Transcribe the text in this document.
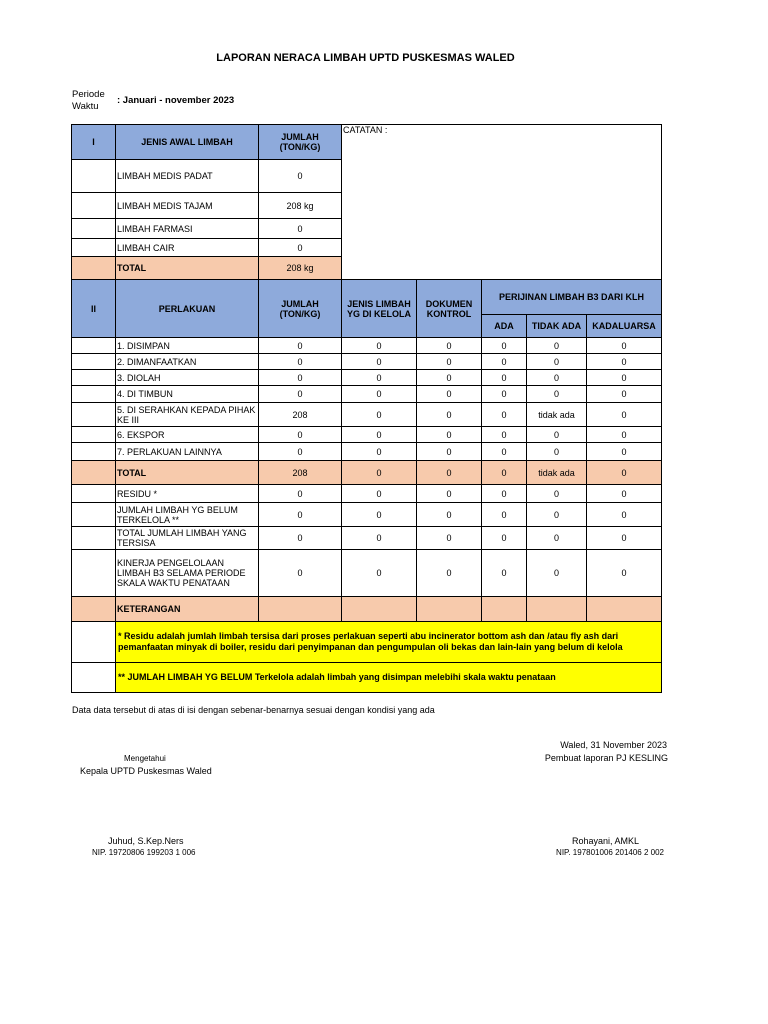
LAPORAN NERACA LIMBAH UPTD PUSKESMAS WALED
Periode Waktu
: Januari - november 2023
I	JENIS AWAL LIMBAH	JUMLAH (TON/KG)	CATATAN :				
	LIMBAH MEDIS PADAT	0					
	LIMBAH MEDIS TAJAM	208 kg					
	LIMBAH FARMASI	0					
	LIMBAH CAIR	0					
	TOTAL	208 kg					
II	PERLAKUAN	JUMLAH (TON/KG)	JENIS LIMBAH YG DI KELOLA	DOKUMEN KONTROL	PERIJINAN LIMBAH B3 DARI KLH		
					ADA	TIDAK ADA	KADALUARSA
	1. DISIMPAN	0	0	0	0	0	0
	2. DIMANFAATKAN	0	0	0	0	0	0
	3. DIOLAH	0	0	0	0	0	0
	4. DI TIMBUN	0	0	0	0	0	0
	5. DI SERAHKAN KEPADA PIHAK KE III	208	0	0	0	tidak ada	0
	6. EKSPOR	0	0	0	0	0	0
	7. PERLAKUAN LAINNYA	0	0	0	0	0	0
	TOTAL	208	0	0	0	tidak ada	0
	RESIDU *	0	0	0	0	0	0
	JUMLAH LIMBAH YG BELUM TERKELOLA **	0	0	0	0	0	0
	TOTAL JUMLAH LIMBAH YANG TERSISA	0	0	0	0	0	0
	KINERJA PENGELOLAAN LIMBAH B3 SELAMA PERIODE SKALA WAKTU PENATAAN	0	0	0	0	0	0
	KETERANGAN						
	* Residu adalah jumlah limbah tersisa dari proses perlakuan seperti abu incinerator bottom ash dan /atau fly ash dari pemanfaatan minyak di boiler, residu dari penyimpanan dan pengumpulan oli bekas dan lain-lain yang belum di kelola						
	** JUMLAH LIMBAH YG BELUM Terkelola adalah limbah yang disimpan melebihi skala waktu penataan						
Data data tersebut di atas di isi dengan sebenar-benarnya sesuai dengan kondisi yang ada
Waled, 31 November 2023
Pembuat laporan PJ KESLING
Mengetahui
Kepala UPTD Puskesmas Waled
Juhud, S.Kep.Ners
NIP. 19720806 199203 1 006
Rohayani, AMKL
NIP. 197801006 201406 2 002
